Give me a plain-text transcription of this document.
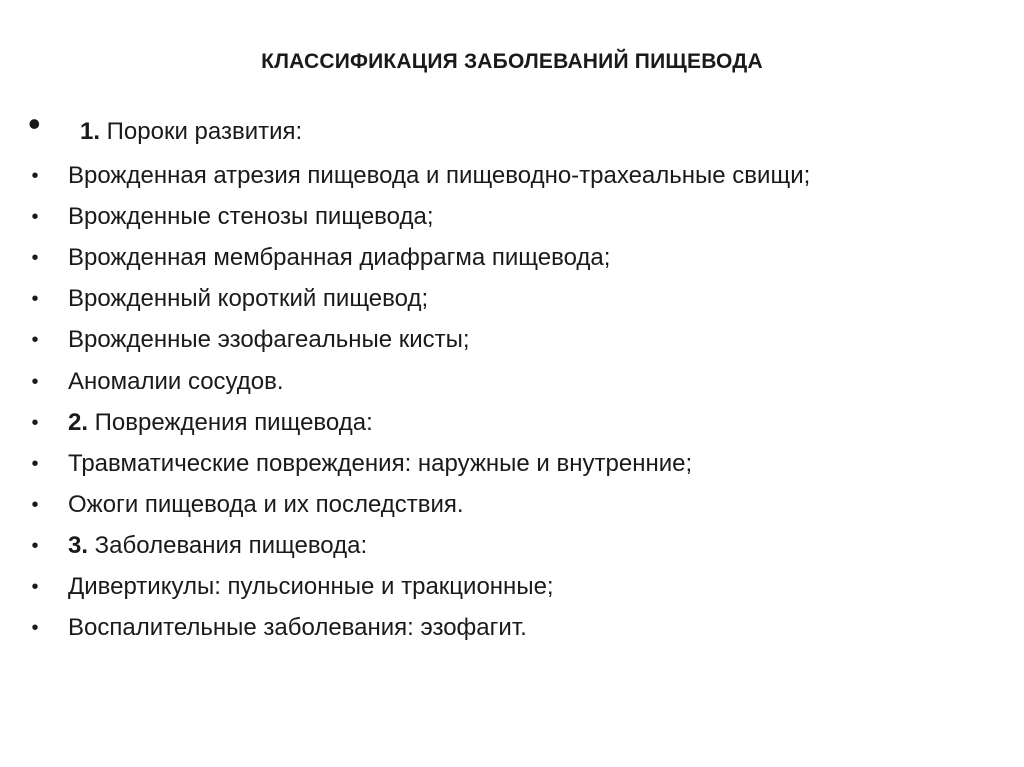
КЛАССИФИКАЦИЯ ЗАБОЛЕВАНИЙ ПИЩЕВОДА
• 1. Пороки развития:
• Врожденная атрезия пищевода и пищеводно-трахеальные свищи;
• Врожденные стенозы пищевода;
• Врожденная мембранная диафрагма пищевода;
• Врожденный короткий пищевод;
• Врожденные эзофагеальные кисты;
• Аномалии сосудов.
• 2. Повреждения пищевода:
• Травматические повреждения: наружные и внутренние;
• Ожоги пищевода и их последствия.
• 3. Заболевания пищевода:
• Дивертикулы: пульсионные и тракционные;
• Воспалительные заболевания: эзофагит.
